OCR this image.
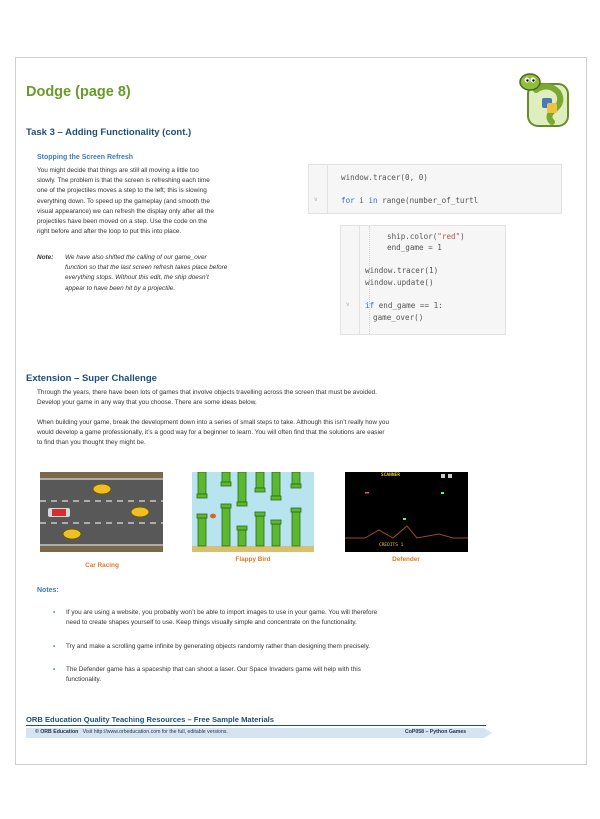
Dodge (page 8)
Task 3 – Adding Functionality (cont.)
Stopping the Screen Refresh
You might decide that things are still all moving a little too
slowly. The problem is that the screen is refreshing each time
one of the projectiles moves a step to the left; this is slowing
everything down. To speed up the gameplay (and smooth the
visual appearance) we can refresh the display only after all the
projectiles have been moved on a step. Use the code on the
right before and after the loop to put this into place.
Note: We have also shifted the calling of our game_over
function so that the last screen refresh takes place before
everything stops. Without this edit, the ship doesn’t
appear to have been hit by a projectile.
window.tracer(0, 0)
for i in range(number_of_turtl
v
ship.color("red")
end_game = 1
window.tracer(1)
window.update()
if end_game == 1:
game_over()
v
Extension – Super Challenge
Through the years, there have been lots of games that involve objects travelling across the screen that must be avoided.
Develop your game in any way that you choose. There are some ideas below.
When building your game, break the development down into a series of small steps to take. Although this isn’t really how you
would develop a game professionally, it’s a good way for a beginner to learn. You will often find that the solutions are easier
to find than you thought they might be.
Car Racing
Flappy Bird
SCANNER
CREDITS 1
Defender
Notes:
• If you are using a website, you probably won’t be able to import images to use in your game. You will therefore
need to create shapes yourself to use. Keep things visually simple and concentrate on the functionality.
• Try and make a scrolling game infinite by generating objects randomly rather than designing them precisely.
• The Defender game has a spaceship that can shoot a laser. Our Space Invaders game will help with this
functionality.
ORB Education Quality Teaching Resources – Free Sample Materials
© ORB Education Visit http://www.orbeducation.com for the full, editable versions.	CoP058 – Python Games
